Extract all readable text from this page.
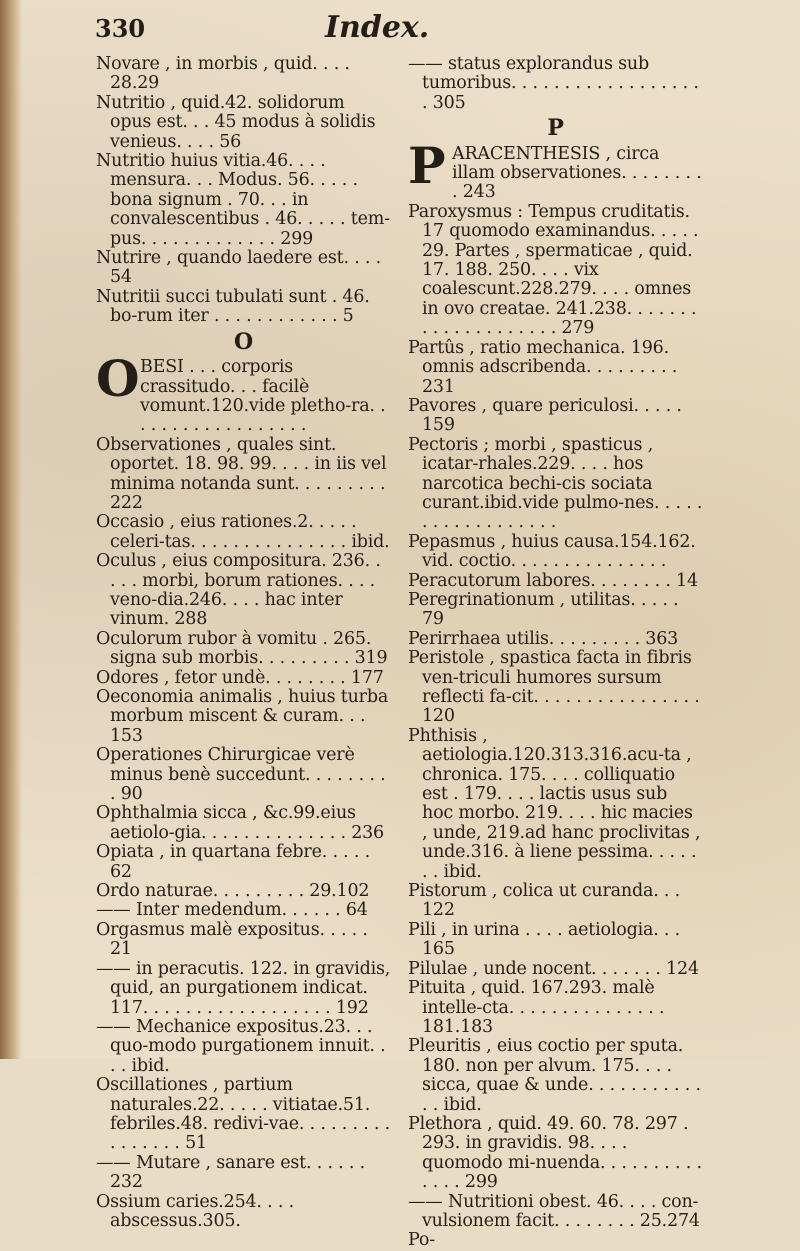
330	Index.

Novare , in morbis , quid. . . . 28.29

Nutritio , quid.42. solidorum opus est. . . 45 modus à solidis venieus. . . . 56

Nutritio huius vitia.46. . . . mensura. . . Modus. 56. . . . . bona signum . 70. . . in convalescentibus . 46. . . . . tem-pus. . . . . . . . . . . . . 299

Nutrire , quando laedere est. . . . 54

Nutritii succi tubulati sunt . 46. bo-rum iter . . . . . . . . . . . . 5

O

O BESI . . . corporis crassitudo. . . facilè vomunt.120.vide pletho-ra. . . . . . . . . . . . . . . . . .

Observationes , quales sint. oportet. 18. 98. 99. . . . in iis vel minima notanda sunt. . . . . . . . . 222

Occasio , eius rationes.2. . . . . celeri-tas. . . . . . . . . . . . . . . ibid.

Oculus , eius compositura. 236. . . . . morbi, borum rationes. . . . veno-dia.246. . . . hac inter vinum. 288

Oculorum rubor à vomitu . 265. signa sub morbis. . . . . . . . . 319

Odores , fetor undè. . . . . . . . 177

Oeconomia animalis , huius turba morbum miscent & curam. . . 153

Operationes Chirurgicae verè minus benè succedunt. . . . . . . . . 90

Ophthalmia sicca , &c.99.eius aetiolo-gia. . . . . . . . . . . . . . 236

Opiata , in quartana febre. . . . . 62

Ordo naturae. . . . . . . . . 29.102

—— Inter medendum. . . . . . 64

Orgasmus malè expositus. . . . . 21

—— in peracutis. 122. in gravidis, quid, an purgationem indicat. 117. . . . . . . . . . . . . . . . . . 192

—— Mechanice expositus.23. . . quo-modo purgationem innuit. . . . ibid.

Oscillationes , partium naturales.22. . . . . vitiatae.51. febriles.48. redivi-vae. . . . . . . . . . . . . . . . 51

—— Mutare , sanare est. . . . . . 232

Ossium caries.254. . . . abscessus.305.

—— status explorandus sub tumoribus. . . . . . . . . . . . . . . . . . . 305

P

P ARACENTHESIS , circa illam observationes. . . . . . . . . 243

Paroxysmus : Tempus cruditatis. 17 quomodo examinandus. . . . . 29. Partes , spermaticae , quid. 17. 188. 250. . . . vix coalescunt.228.279. . . . omnes in ovo creatae. 241.238. . . . . . . . . . . . . . . . . . . . 279

Partûs , ratio mechanica. 196. omnis adscribenda. . . . . . . . . 231

Pavores , quare periculosi. . . . . 159

Pectoris ; morbi , spasticus , icatar-rhales.229. . . . hos narcotica bechi-cis sociata curant.ibid.vide pulmo-nes. . . . . . . . . . . . . . . . . .

Pepasmus , huius causa.154.162. vid. coctio. . . . . . . . . . . . . . .

Peracutorum labores. . . . . . . . 14

Peregrinationum , utilitas. . . . . 79

Perirrhaea utilis. . . . . . . . . 363

Peristole , spastica facta in fibris ven-triculi humores sursum reflecti fa-cit. . . . . . . . . . . . . . . . 120

Phthisis , aetiologia.120.313.316.acu-ta , chronica. 175. . . . colliquatio est . 179. . . . lactis usus sub hoc morbo. 219. . . . hic macies , unde, 219.ad hanc proclivitas , unde.316. à liene pessima. . . . . . . ibid.

Pistorum , colica ut curanda. . . 122

Pili , in urina . . . . aetiologia. . . 165

Pilulae , unde nocent. . . . . . . 124

Pituita , quid. 167.293. malè intelle-cta. . . . . . . . . . . . . . . 181.183

Pleuritis , eius coctio per sputa. 180. non per alvum. 175. . . . sicca, quae & unde. . . . . . . . . . . . . ibid.

Plethora , quid. 49. 60. 78. 297 . 293. in gravidis. 98. . . . quomodo mi-nuenda. . . . . . . . . . . . . . 299

—— Nutritioni obest. 46. . . . con-vulsionem facit. . . . . . . . 25.274

Po-
